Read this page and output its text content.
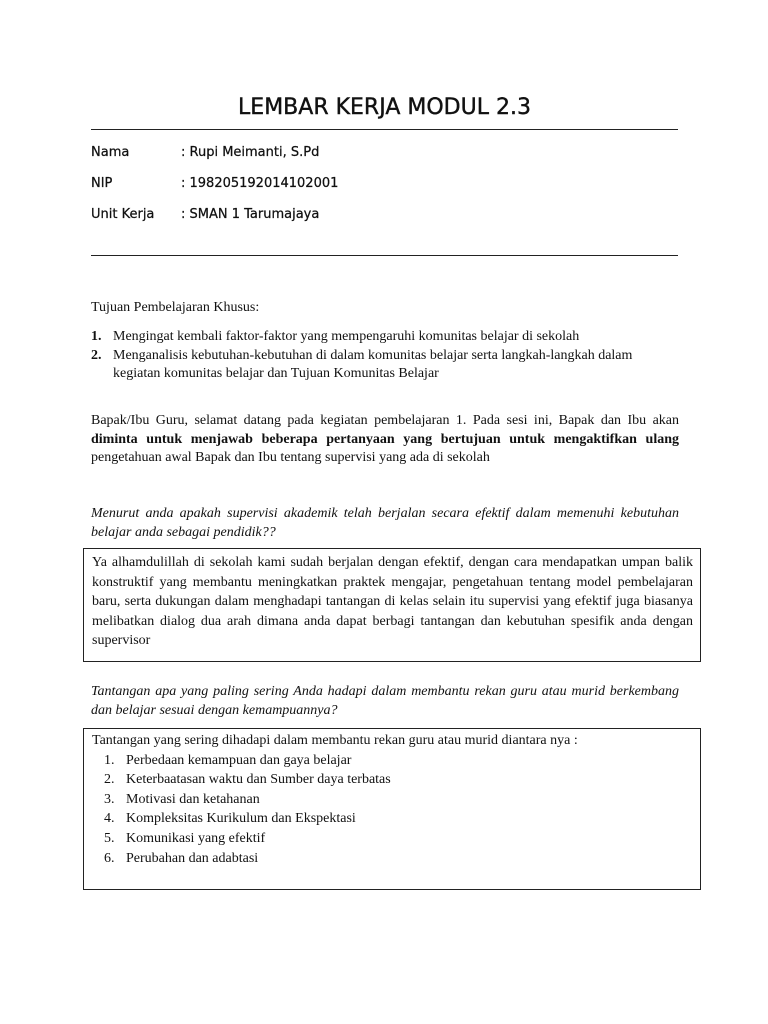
LEMBAR KERJA MODUL 2.3
Nama	: Rupi Meimanti, S.Pd
NIP	: 198205192014102001
Unit Kerja : SMAN 1 Tarumajaya
Tujuan Pembelajaran Khusus:
1. Mengingat kembali faktor-faktor yang mempengaruhi komunitas belajar di sekolah
2. Menganalisis kebutuhan-kebutuhan di dalam komunitas belajar serta langkah-langkah dalam kegiatan komunitas belajar dan Tujuan Komunitas Belajar
Bapak/Ibu Guru, selamat datang pada kegiatan pembelajaran 1. Pada sesi ini, Bapak dan Ibu akan diminta untuk menjawab beberapa pertanyaan yang bertujuan untuk mengaktifkan ulang pengetahuan awal Bapak dan Ibu tentang supervisi yang ada di sekolah
Menurut anda apakah supervisi akademik telah berjalan secara efektif dalam memenuhi kebutuhan belajar anda sebagai pendidik??
Ya alhamdulillah di sekolah kami sudah berjalan dengan efektif, dengan cara mendapatkan umpan balik konstruktif yang membantu meningkatkan praktek mengajar, pengetahuan tentang model pembelajaran baru, serta dukungan dalam menghadapi tantangan di kelas selain itu supervisi yang efektif juga biasanya melibatkan dialog dua arah dimana anda dapat berbagi tantangan dan kebutuhan spesifik anda dengan supervisor
Tantangan apa yang paling sering Anda hadapi dalam membantu rekan guru atau murid berkembang dan belajar sesuai dengan kemampuannya?
Tantangan yang sering dihadapi dalam membantu rekan guru atau murid diantara nya :
1. Perbedaan kemampuan dan gaya belajar
2. Keterbaatasan waktu dan Sumber daya terbatas
3. Motivasi dan ketahanan
4. Kompleksitas Kurikulum dan Ekspektasi
5. Komunikasi yang efektif
6. Perubahan dan adabtasi
